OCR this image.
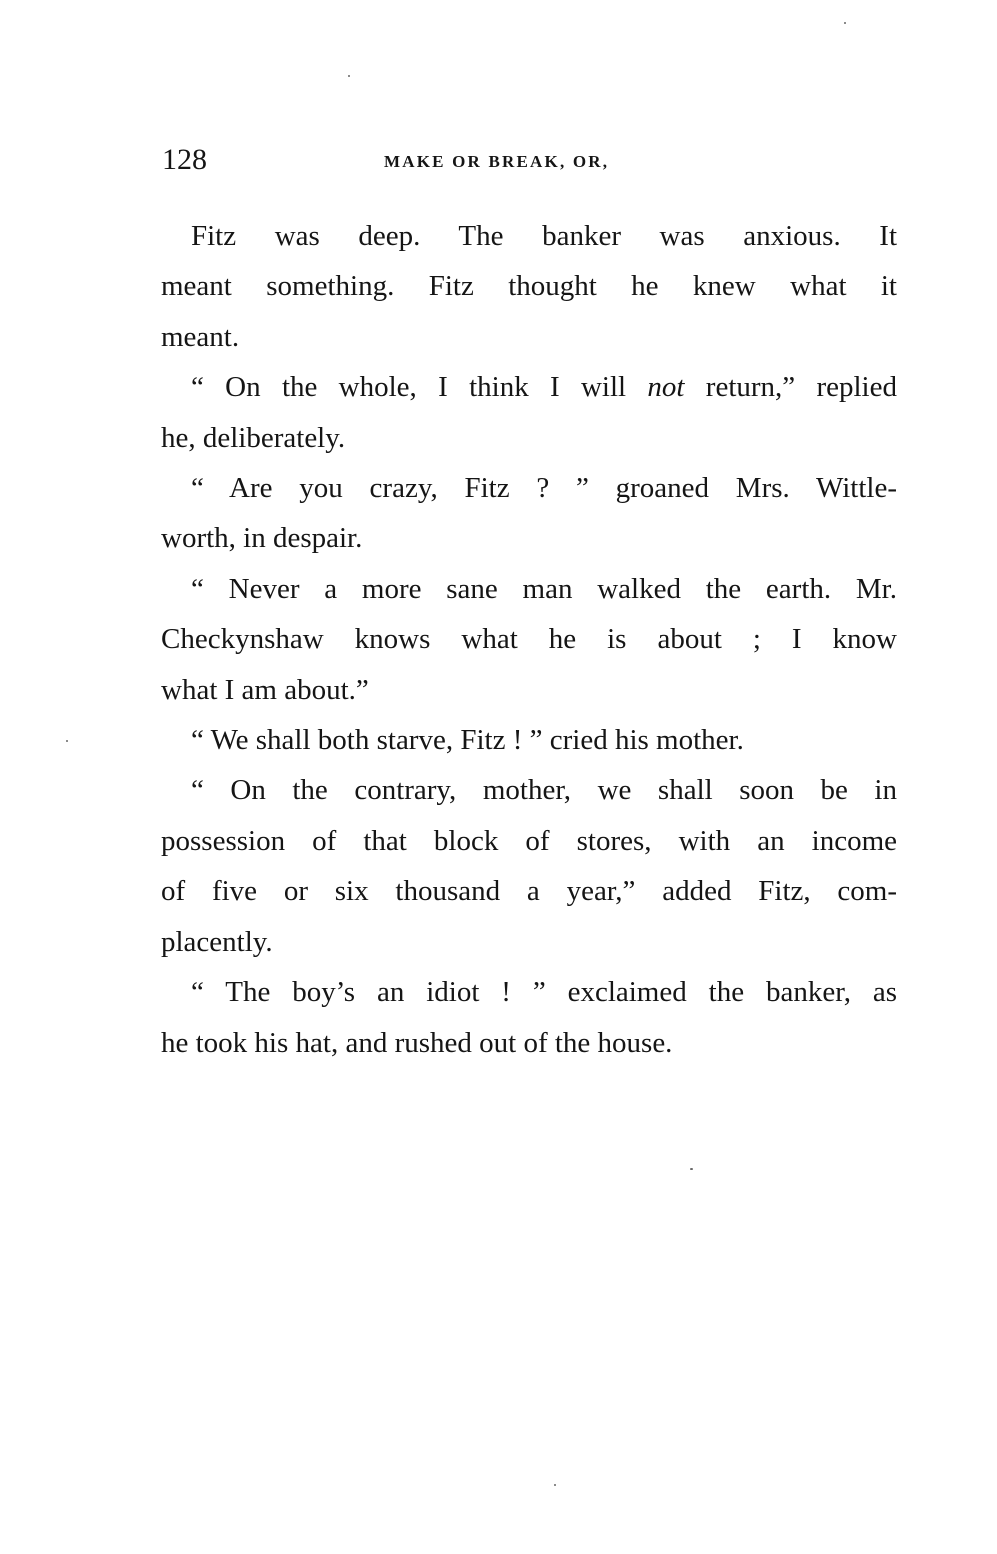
128	MAKE OR BREAK, OR,
Fitz was deep. The banker was anxious. It
meant something. Fitz thought he knew what it
meant.
“ On the whole, I think I will not return,” replied
he, deliberately.
“ Are you crazy, Fitz ? ” groaned Mrs. Wittle-
worth, in despair.
“ Never a more sane man walked the earth. Mr.
Checkynshaw knows what he is about ; I know
what I am about.”
“ We shall both starve, Fitz ! ” cried his mother.
“ On the contrary, mother, we shall soon be in
possession of that block of stores, with an income
of five or six thousand a year,” added Fitz, com-
placently.
“ The boy’s an idiot ! ” exclaimed the banker, as
he took his hat, and rushed out of the house.
